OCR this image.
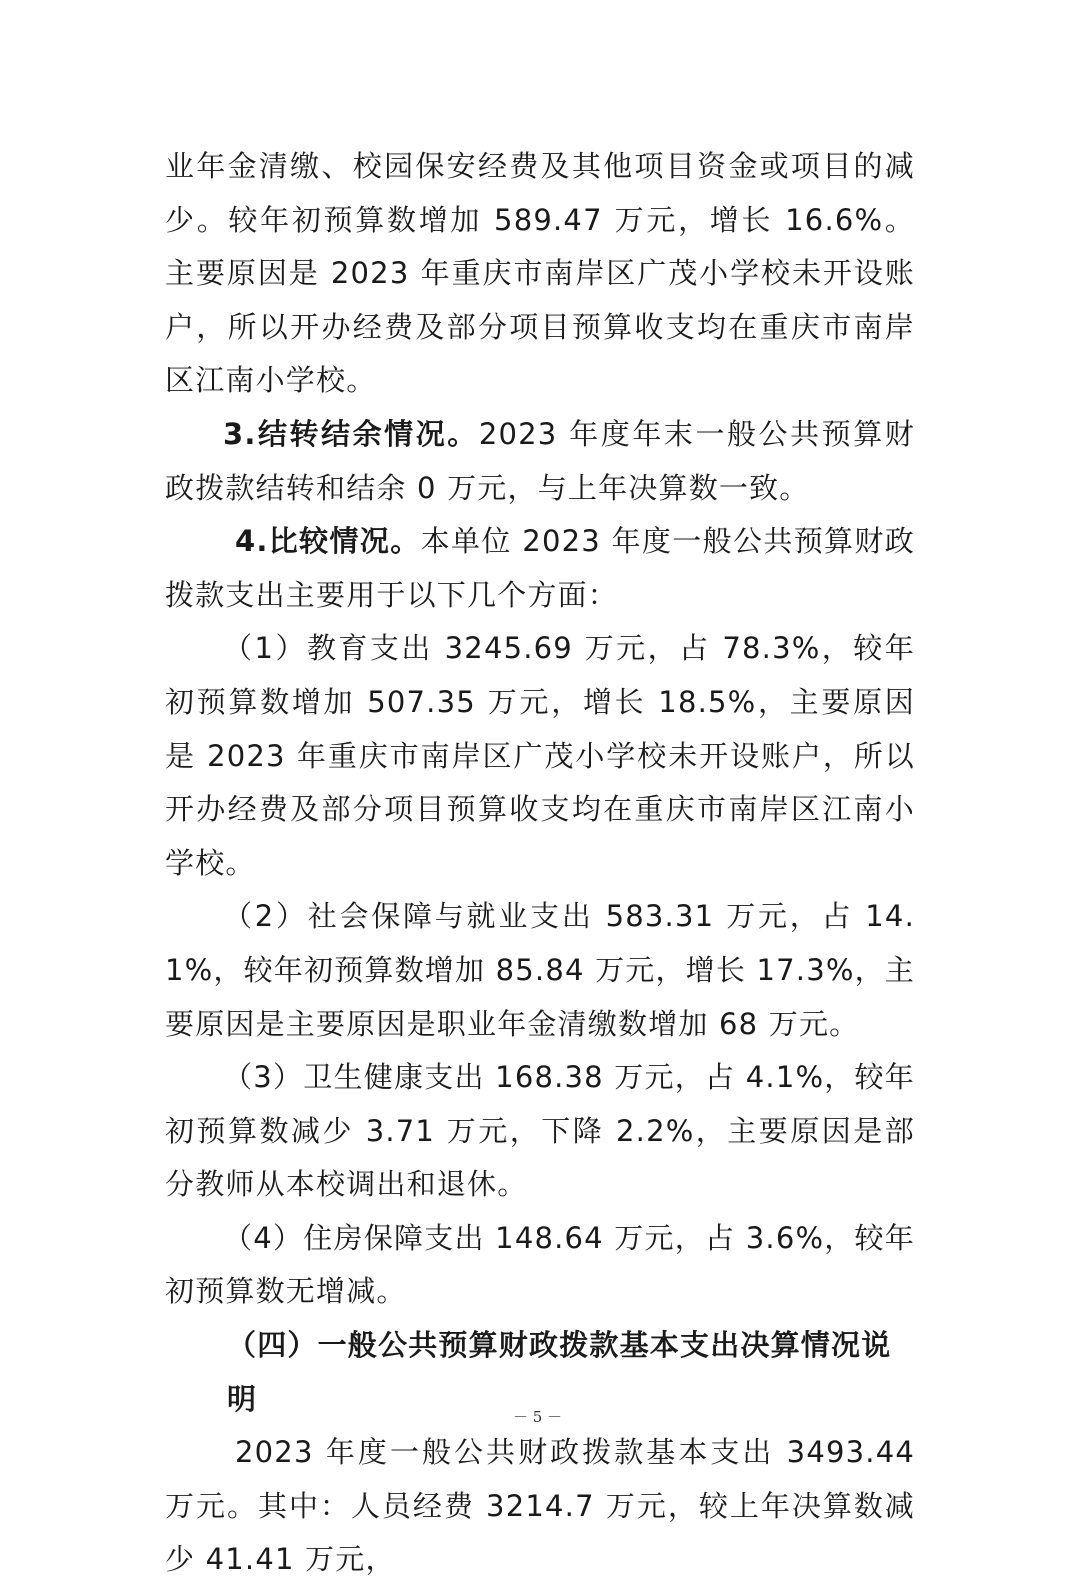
业年金清缴、校园保安经费及其他项目资金或项目的减少。较年初预算数增加 589.47 万元，增长 16.6%。主要原因是 2023 年重庆市南岸区广茂小学校未开设账户，所以开办经费及部分项目预算收支均在重庆市南岸区江南小学校。

3.结转结余情况。2023 年度年末一般公共预算财政拨款结转和结余 0 万元，与上年决算数一致。

4.比较情况。本单位 2023 年度一般公共预算财政拨款支出主要用于以下几个方面：

（1）教育支出 3245.69 万元，占 78.3%，较年初预算数增加 507.35 万元，增长 18.5%，主要原因是 2023 年重庆市南岸区广茂小学校未开设账户，所以开办经费及部分项目预算收支均在重庆市南岸区江南小学校。

（2）社会保障与就业支出 583.31 万元，占 14.1%，较年初预算数增加 85.84 万元，增长 17.3%，主要原因是主要原因是职业年金清缴数增加 68 万元。

（3）卫生健康支出 168.38 万元，占 4.1%，较年初预算数减少 3.71 万元，下降 2.2%，主要原因是部分教师从本校调出和退休。

（4）住房保障支出 148.64 万元，占 3.6%，较年初预算数无增减。

（四）一般公共预算财政拨款基本支出决算情况说明

2023 年度一般公共财政拨款基本支出 3493.44 万元。其中：人员经费 3214.7 万元，较上年决算数减少 41.41 万元，

－ 5 －
